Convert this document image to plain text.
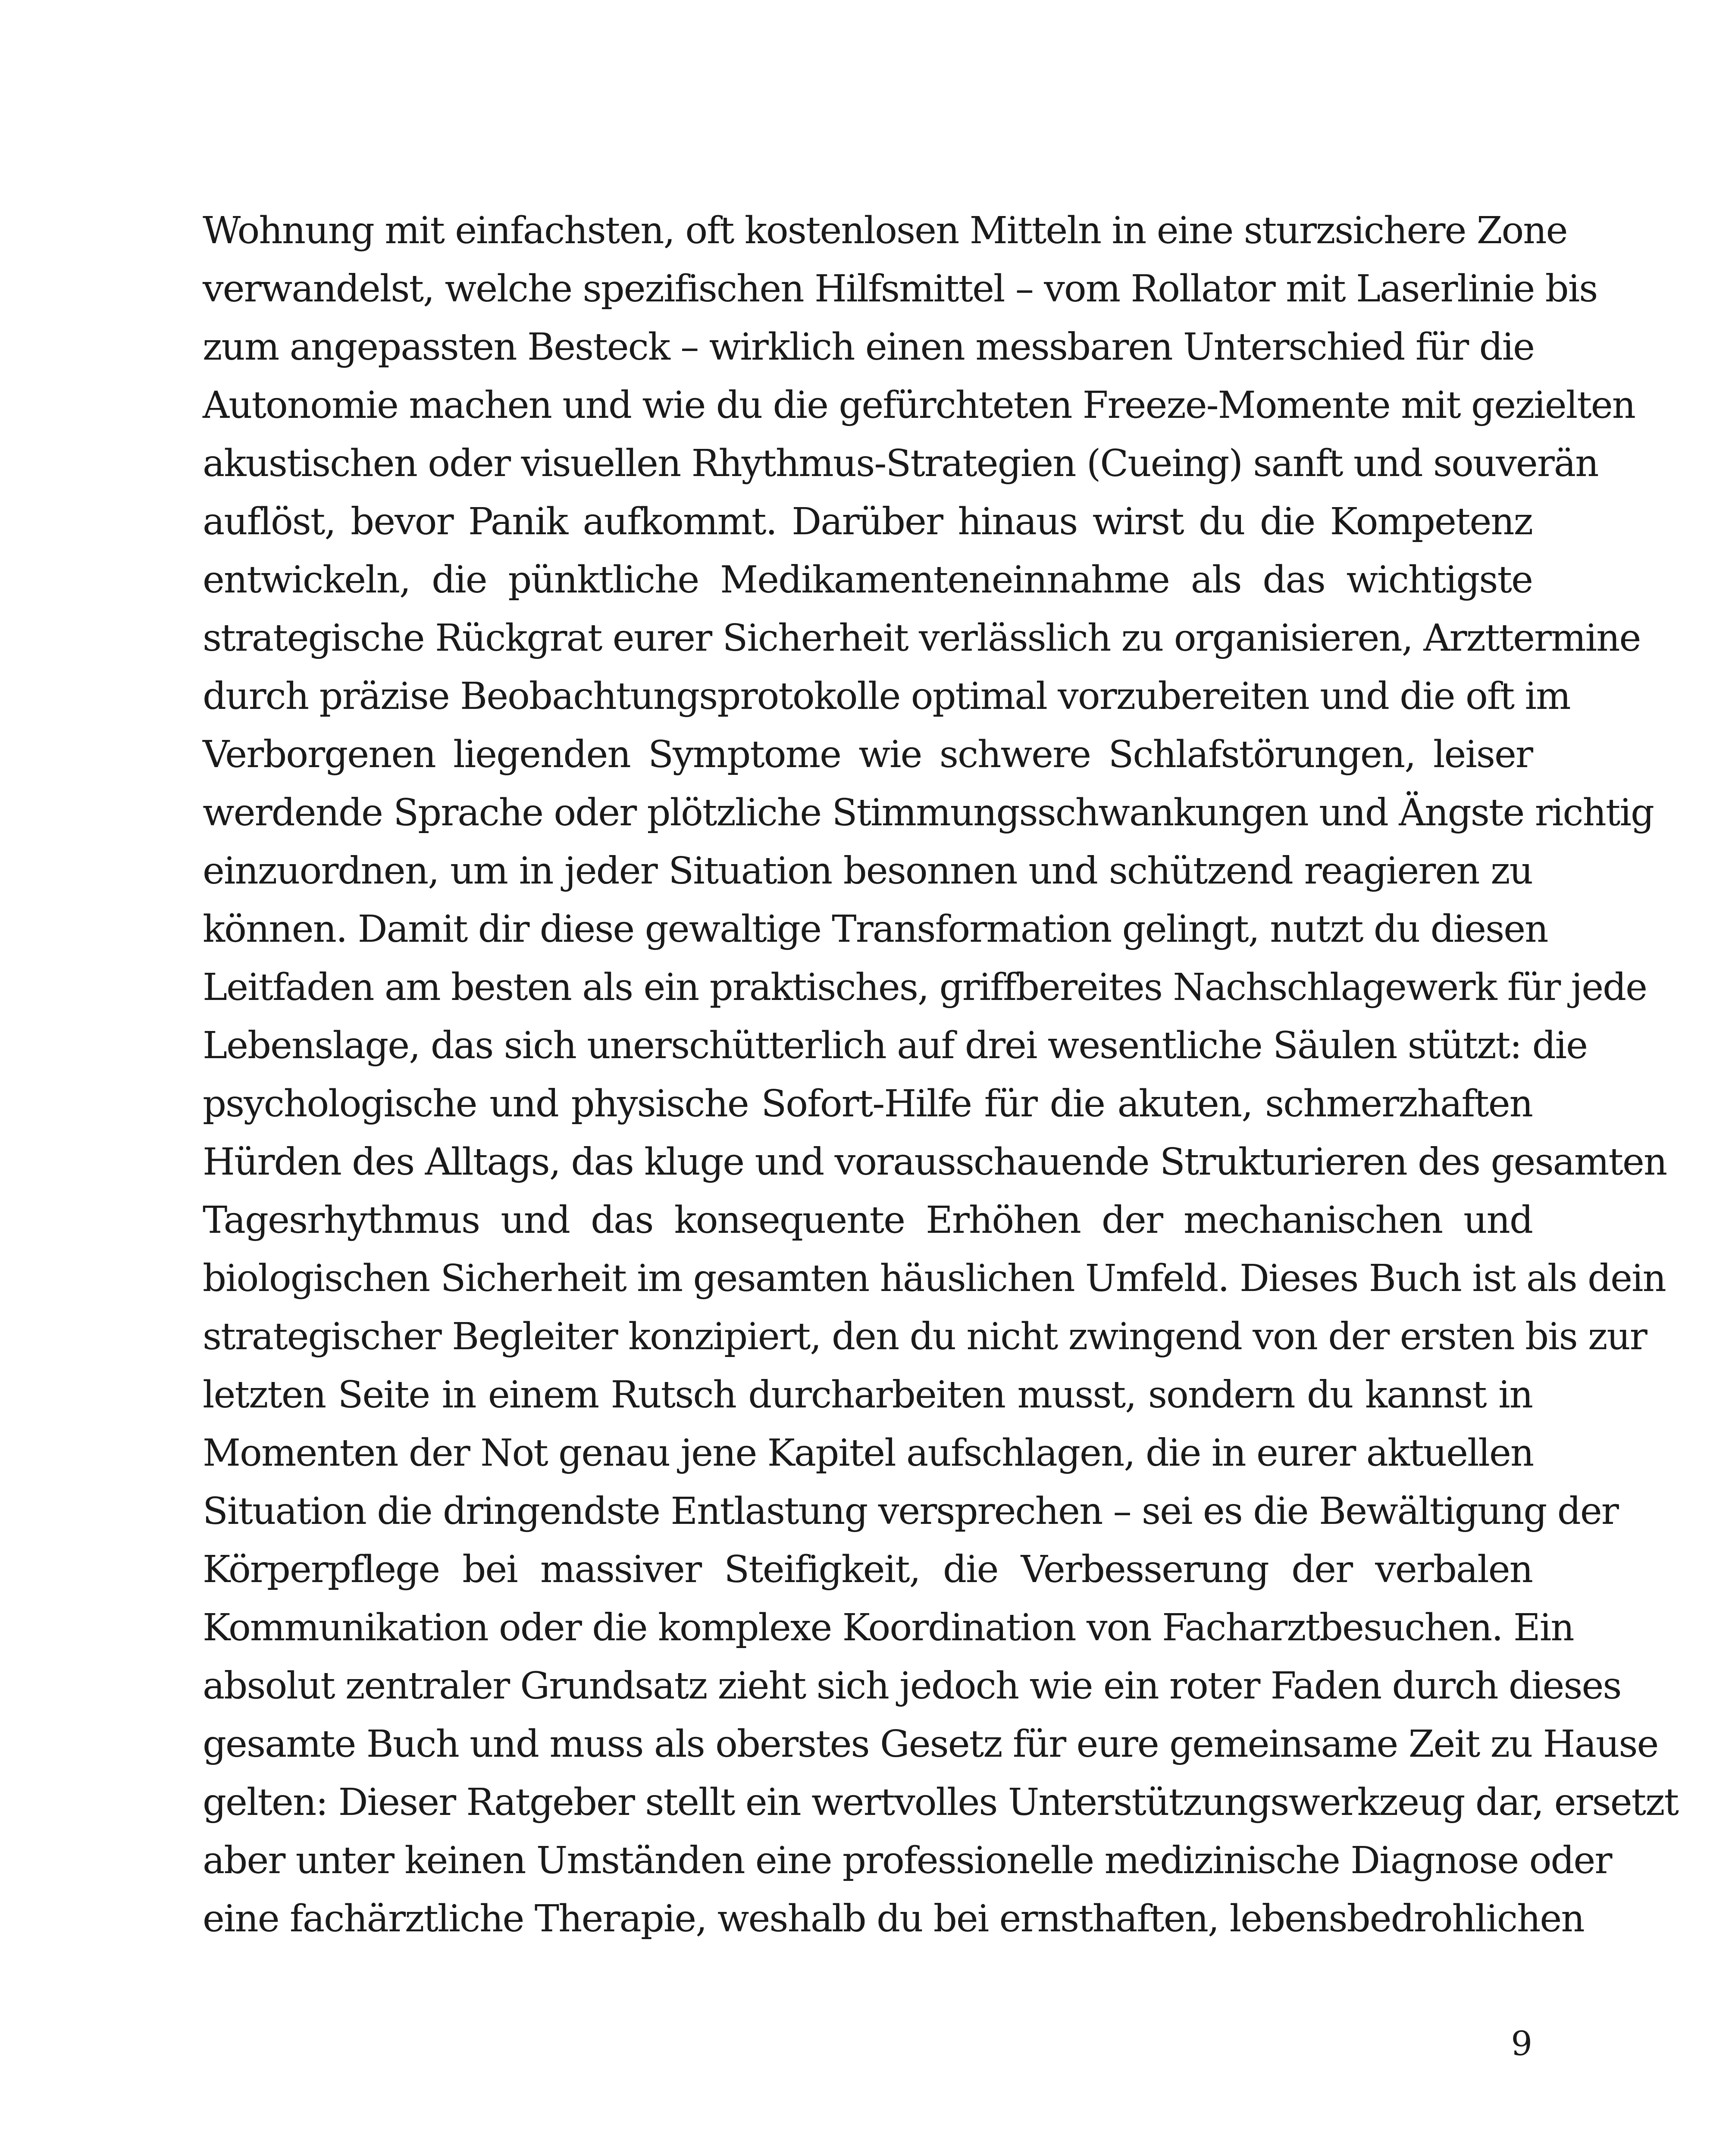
Wohnung mit einfachsten, oft kostenlosen Mitteln in eine sturzsichere Zone
verwandelst, welche spezifischen Hilfsmittel – vom Rollator mit Laserlinie bis
zum angepassten Besteck – wirklich einen messbaren Unterschied für die
Autonomie machen und wie du die gefürchteten Freeze-Momente mit gezielten
akustischen oder visuellen Rhythmus-Strategien (Cueing) sanft und souverän
auflöst, bevor Panik aufkommt. Darüber hinaus wirst du die Kompetenz
entwickeln, die pünktliche Medikamenteneinnahme als das wichtigste
strategische Rückgrat eurer Sicherheit verlässlich zu organisieren, Arzttermine
durch präzise Beobachtungsprotokolle optimal vorzubereiten und die oft im
Verborgenen liegenden Symptome wie schwere Schlafstörungen, leiser
werdende Sprache oder plötzliche Stimmungsschwankungen und Ängste richtig
einzuordnen, um in jeder Situation besonnen und schützend reagieren zu
können. Damit dir diese gewaltige Transformation gelingt, nutzt du diesen
Leitfaden am besten als ein praktisches, griffbereites Nachschlagewerk für jede
Lebenslage, das sich unerschütterlich auf drei wesentliche Säulen stützt: die
psychologische und physische Sofort-Hilfe für die akuten, schmerzhaften
Hürden des Alltags, das kluge und vorausschauende Strukturieren des gesamten
Tagesrhythmus und das konsequente Erhöhen der mechanischen und
biologischen Sicherheit im gesamten häuslichen Umfeld. Dieses Buch ist als dein
strategischer Begleiter konzipiert, den du nicht zwingend von der ersten bis zur
letzten Seite in einem Rutsch durcharbeiten musst, sondern du kannst in
Momenten der Not genau jene Kapitel aufschlagen, die in eurer aktuellen
Situation die dringendste Entlastung versprechen – sei es die Bewältigung der
Körperpflege bei massiver Steifigkeit, die Verbesserung der verbalen
Kommunikation oder die komplexe Koordination von Facharztbesuchen. Ein
absolut zentraler Grundsatz zieht sich jedoch wie ein roter Faden durch dieses
gesamte Buch und muss als oberstes Gesetz für eure gemeinsame Zeit zu Hause
gelten: Dieser Ratgeber stellt ein wertvolles Unterstützungswerkzeug dar, ersetzt
aber unter keinen Umständen eine professionelle medizinische Diagnose oder
eine fachärztliche Therapie, weshalb du bei ernsthaften, lebensbedrohlichen
9
